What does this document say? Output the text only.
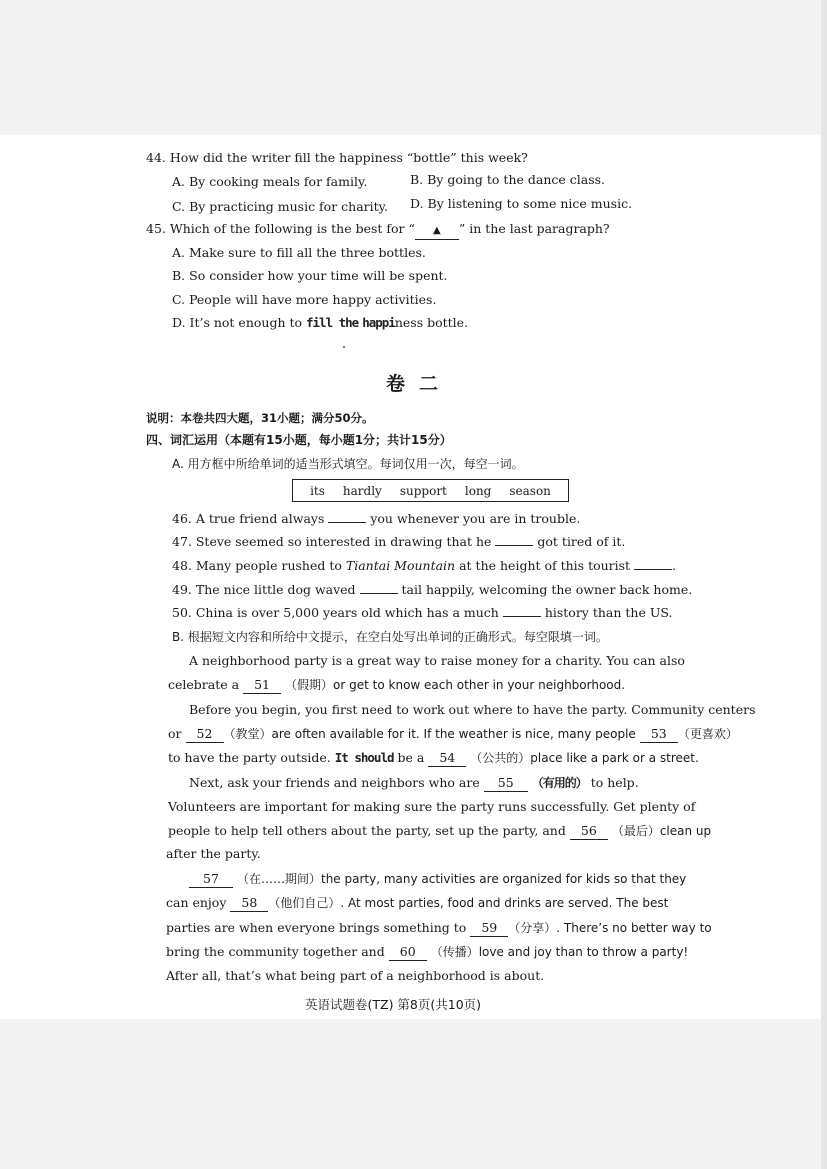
44. How did the writer fill the happiness “bottle” this week?
A. By cooking meals for family.	B. By going to the dance class.
C. By practicing music for charity. D. By listening to some nice music.
45. Which of the following is the best for “ ▲ ” in the last paragraph?
A. Make sure to fill all the three bottles.
B. So consider how your time will be spent.
C. People will have more happy activities.
D. It’s not enough to fill the happiness bottle.
卷二
说明：本卷共四大题，31小题；满分50分。
四、词汇运用（本题有15小题，每小题1分；共计15分）
A. 用方框中所给单词的适当形式填空。每词仅用一次，每空一词。
its hardly support long season
46. A true friend always	you whenever you are in trouble.
47. Steve seemed so interested in drawing that he	got tired of it.
48. Many people rushed to Tiantai Mountain at the height of this tourist	.
49. The nice little dog waved	tail happily, welcoming the owner back home.
50. China is over 5,000 years old which has a much	history than the US.
B. 根据短文内容和所给中文提示，在空白处写出单词的正确形式。每空限填一词。
A neighborhood party is a great way to raise money for a charity. You can also
celebrate a 51 （假期）or get to know each other in your neighborhood.
Before you begin, you first need to work out where to have the party. Community centers
or 52 （教堂）are often available for it. If the weather is nice, many people 53 （更喜欢）
to have the party outside. It should be a 54 （公共的）place like a park or a street.
Next, ask your friends and neighbors who are 55 （有用的） to help.
Volunteers are important for making sure the party runs successfully. Get plenty of
people to help tell others about the party, set up the party, and 56 （最后）clean up
after the party.
57 （在……期间）the party, many activities are organized for kids so that they
can enjoy 58 （他们自己）. At most parties, food and drinks are served. The best
parties are when everyone brings something to 59 （分享）. There’s no better way to
bring the community together and 60 （传播）love and joy than to throw a party!
After all, that’s what being part of a neighborhood is about.
英语试题卷(TZ) 第8页(共10页)
